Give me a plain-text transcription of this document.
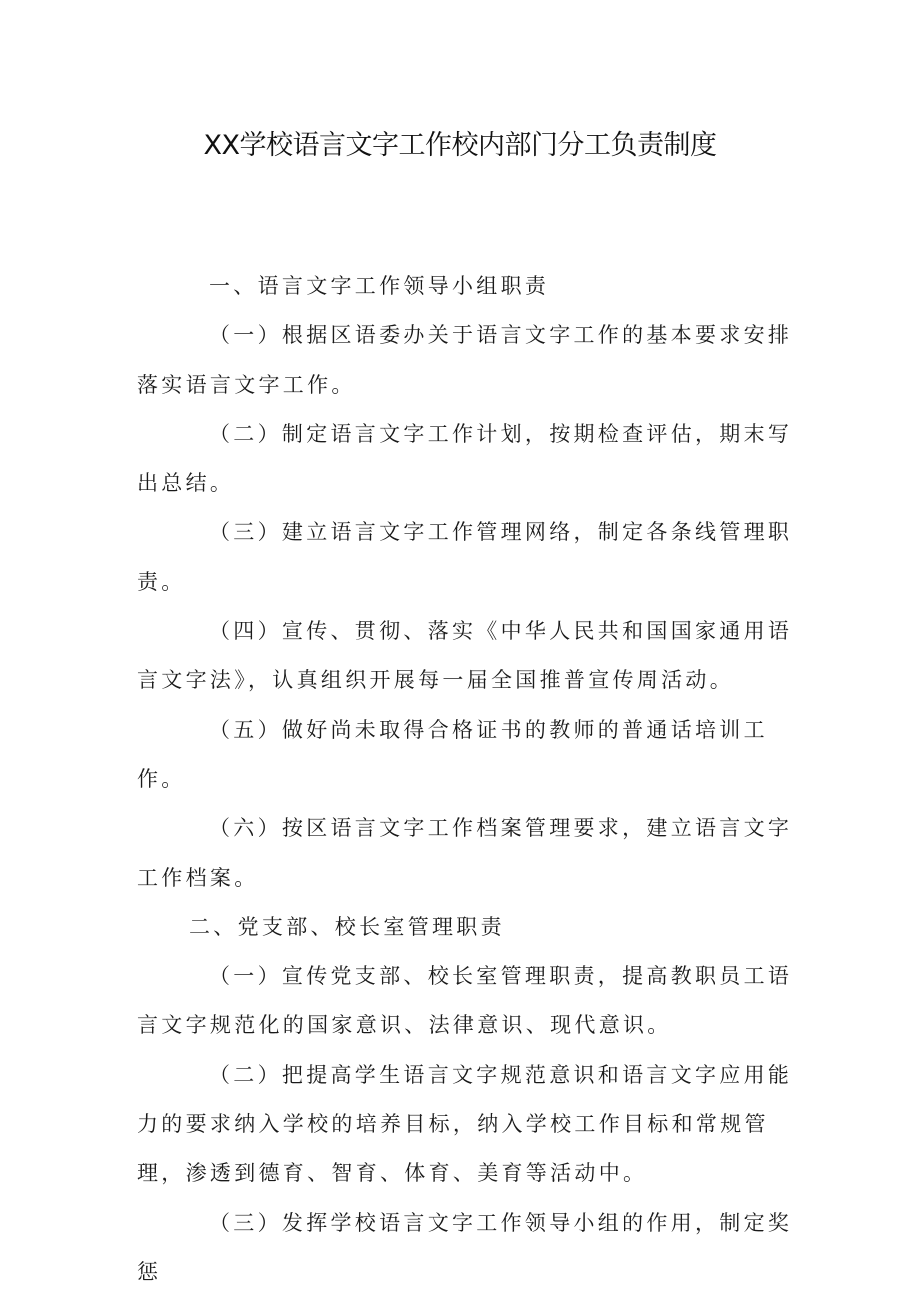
XX学校语言文字工作校内部门分工负责制度

一、语言文字工作领导小组职责

（一）根据区语委办关于语言文字工作的基本要求安排落实语言文字工作。

（二）制定语言文字工作计划，按期检查评估，期末写出总结。

（三）建立语言文字工作管理网络，制定各条线管理职责。

（四）宣传、贯彻、落实《中华人民共和国国家通用语言文字法》，认真组织开展每一届全国推普宣传周活动。

（五）做好尚未取得合格证书的教师的普通话培训工作。

（六）按区语言文字工作档案管理要求，建立语言文字工作档案。

二、党支部、校长室管理职责

（一）宣传党支部、校长室管理职责，提高教职员工语言文字规范化的国家意识、法律意识、现代意识。

（二）把提高学生语言文字规范意识和语言文字应用能力的要求纳入学校的培养目标，纳入学校工作目标和常规管理，渗透到德育、智育、体育、美育等活动中。

（三）发挥学校语言文字工作领导小组的作用，制定奖惩
